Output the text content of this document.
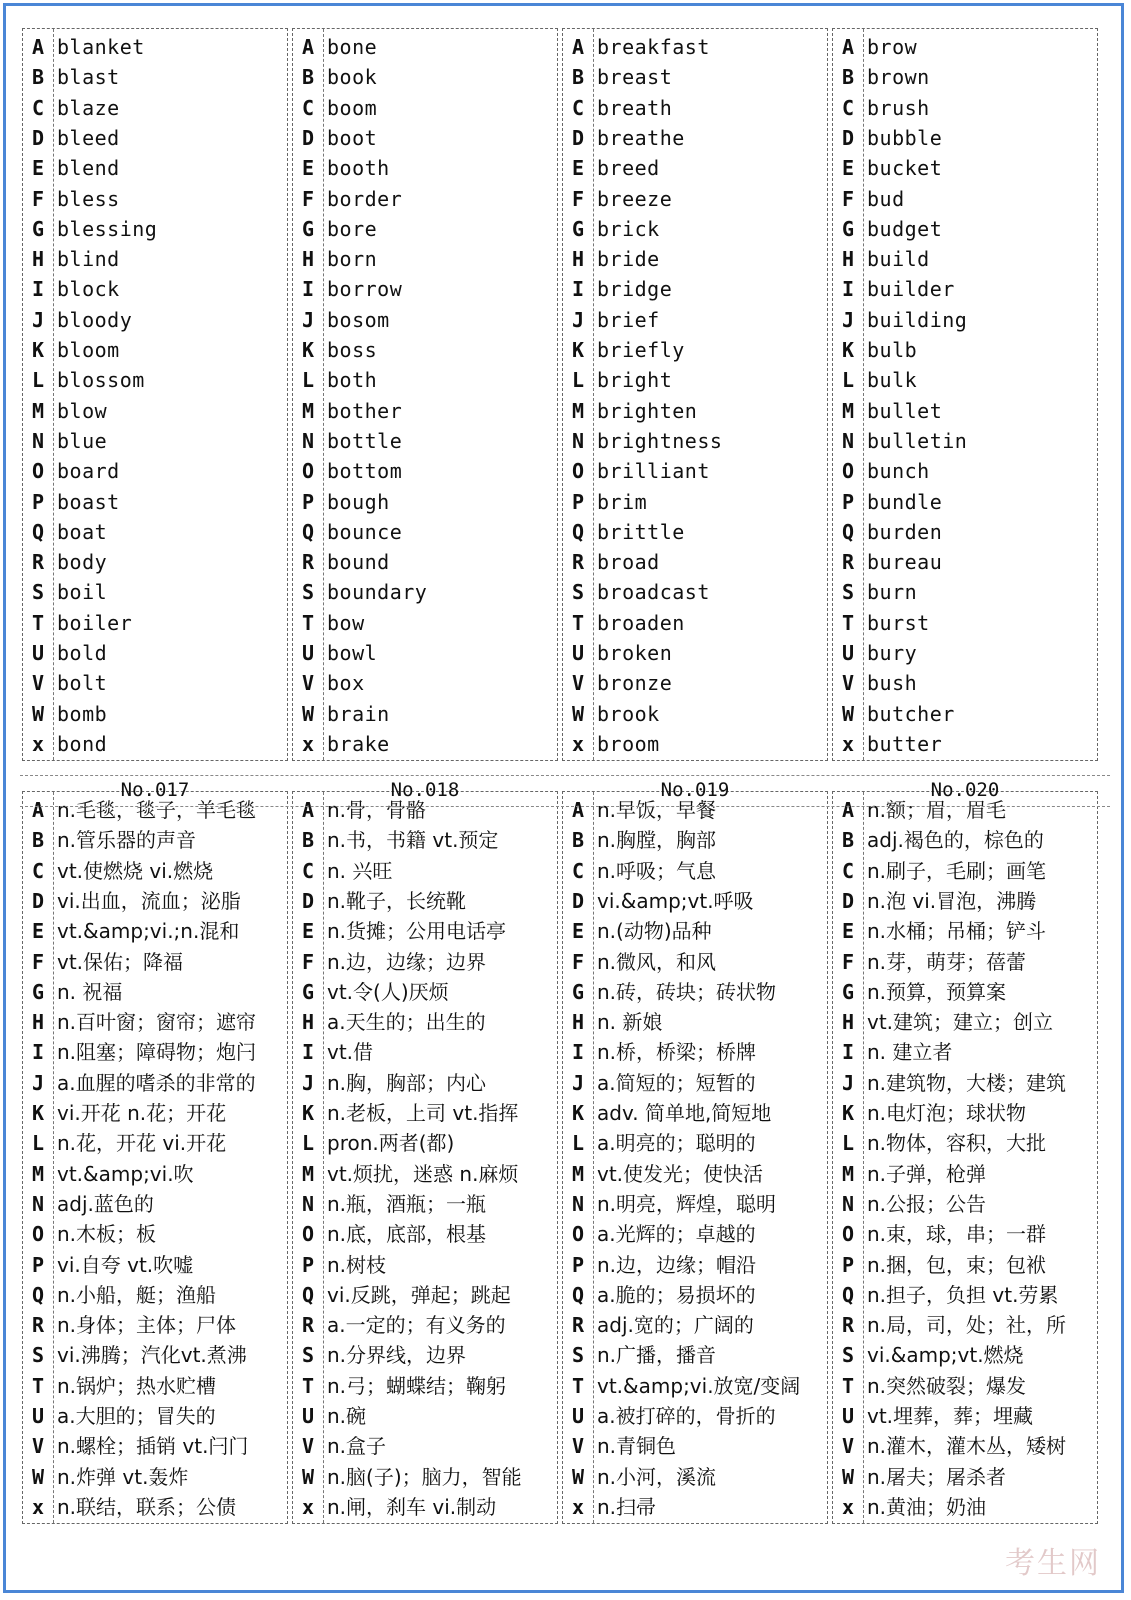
A
B
C
D
E
F
G
H
I
J
K
L
M
N
O
P
Q
R
S
T
U
V
W
x
blanket
blast
blaze
bleed
blend
bless
blessing
blind
block
bloody
bloom
blossom
blow
blue
board
boast
boat
body
boil
boiler
bold
bolt
bomb
bond
A
B
C
D
E
F
G
H
I
J
K
L
M
N
O
P
Q
R
S
T
U
V
W
x
n.毛毯，毯子，羊毛毯
n.管乐器的声音
vt.使燃烧 vi.燃烧
vi.出血，流血；泌脂
vt.&amp;vi.;n.混和
vt.保佑；降福
n. 祝福
n.百叶窗；窗帘；遮帘
n.阻塞；障碍物；炮闩
a.血腥的嗜杀的非常的
vi.开花 n.花；开花
n.花，开花 vi.开花
vt.&amp;vi.吹
adj.蓝色的
n.木板；板
vi.自夸 vt.吹嘘
n.小船，艇；渔船
n.身体；主体；尸体
vi.沸腾；汽化vt.煮沸
n.锅炉；热水贮槽
a.大胆的；冒失的
n.螺栓；插销 vt.闩门
n.炸弹 vt.轰炸
n.联结，联系；公债
No.017
A
B
C
D
E
F
G
H
I
J
K
L
M
N
O
P
Q
R
S
T
U
V
W
x
bone
book
boom
boot
booth
border
bore
born
borrow
bosom
boss
both
bother
bottle
bottom
bough
bounce
bound
boundary
bow
bowl
box
brain
brake
A
B
C
D
E
F
G
H
I
J
K
L
M
N
O
P
Q
R
S
T
U
V
W
x
n.骨，骨骼
n.书，书籍 vt.预定
n. 兴旺
n.靴子，长统靴
n.货摊；公用电话亭
n.边，边缘；边界
vt.令(人)厌烦
a.天生的；出生的
vt.借
n.胸，胸部；内心
n.老板，上司 vt.指挥
pron.两者(都)
vt.烦扰，迷惑 n.麻烦
n.瓶，酒瓶；一瓶
n.底，底部，根基
n.树枝
vi.反跳，弹起；跳起
a.一定的；有义务的
n.分界线，边界
n.弓；蝴蝶结；鞠躬
n.碗
n.盒子
n.脑(子)；脑力，智能
n.闸，刹车 vi.制动
No.018
A
B
C
D
E
F
G
H
I
J
K
L
M
N
O
P
Q
R
S
T
U
V
W
x
breakfast
breast
breath
breathe
breed
breeze
brick
bride
bridge
brief
briefly
bright
brighten
brightness
brilliant
brim
brittle
broad
broadcast
broaden
broken
bronze
brook
broom
A
B
C
D
E
F
G
H
I
J
K
L
M
N
O
P
Q
R
S
T
U
V
W
x
n.早饭，早餐
n.胸膛，胸部
n.呼吸；气息
vi.&amp;vt.呼吸
n.(动物)品种
n.微风，和风
n.砖，砖块；砖状物
n. 新娘
n.桥，桥梁；桥牌
a.简短的；短暂的
adv. 简单地,简短地
a.明亮的；聪明的
vt.使发光；使快活
n.明亮，辉煌，聪明
a.光辉的；卓越的
n.边，边缘；帽沿
a.脆的；易损坏的
adj.宽的；广阔的
n.广播，播音
vt.&amp;vi.放宽/变阔
a.被打碎的，骨折的
n.青铜色
n.小河，溪流
n.扫帚
No.019
A
B
C
D
E
F
G
H
I
J
K
L
M
N
O
P
Q
R
S
T
U
V
W
x
brow
brown
brush
bubble
bucket
bud
budget
build
builder
building
bulb
bulk
bullet
bulletin
bunch
bundle
burden
bureau
burn
burst
bury
bush
butcher
butter
A
B
C
D
E
F
G
H
I
J
K
L
M
N
O
P
Q
R
S
T
U
V
W
x
n.额；眉，眉毛
adj.褐色的，棕色的
n.刷子，毛刷；画笔
n.泡 vi.冒泡，沸腾
n.水桶；吊桶；铲斗
n.芽，萌芽；蓓蕾
n.预算，预算案
vt.建筑；建立；创立
n. 建立者
n.建筑物，大楼；建筑
n.电灯泡；球状物
n.物体，容积，大批
n.子弹，枪弹
n.公报；公告
n.束，球，串；一群
n.捆，包，束；包袱
n.担子，负担 vt.劳累
n.局，司，处；社，所
vi.&amp;vt.燃烧
n.突然破裂；爆发
vt.埋葬，葬；埋藏
n.灌木，灌木丛，矮树
n.屠夫；屠杀者
n.黄油；奶油
No.020
考生网
